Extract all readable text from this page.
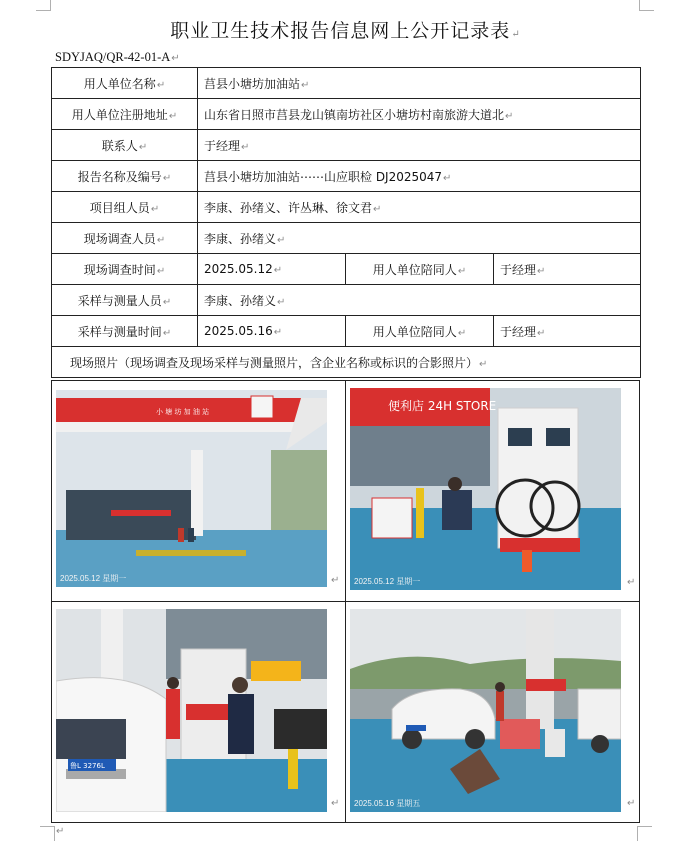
职业卫生技术报告信息网上公开记录表↵
SDYJAQ/QR-42-01-A↵
用人单位名称↵	莒县小塘坊加油站↵		
用人单位注册地址↵	山东省日照市莒县龙山镇南坊社区小塘坊村南旅游大道北↵		
联系人↵	于经理↵		
报告名称及编号↵	莒县小塘坊加油站⋯⋯山应职检 DJ2025047↵		
项目组人员↵	李康、孙绪义、许丛琳、徐文君↵		
现场调查人员↵	李康、孙绪义↵		
现场调查时间↵	2025.05.12↵	用人单位陪同人↵	于经理↵
采样与测量人员↵	李康、孙绪义↵		
采样与测量时间↵	2025.05.16↵	用人单位陪同人↵	于经理↵
现场照片（现场调查及现场采样与测量照片，含企业名称或标识的合影照片）↵			
小 塘 坊 加 油 站
2025.05.12 星期一	↵
便利店 24H STORE
2025.05.12 星期一	↵
鲁L 3276L
↵ 2025.05.16 星期五	↵
↵
